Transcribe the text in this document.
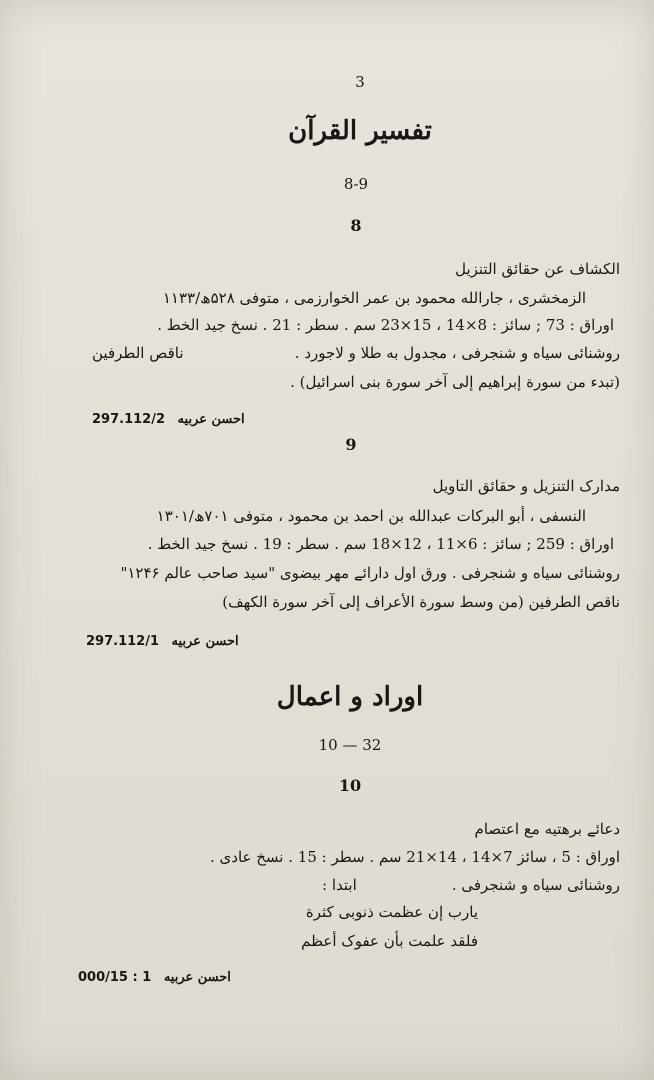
3
تفسیر القرآن
8-9
8
الکشاف عن حقائق التنزیل
الزمخشری ، جارالله محمود بن عمر الخوارزمی ، متوفی ۵۲۸ھ/۱۱۳۳
اوراق : 73 ; سائز : 8×14 ، 15×23 سم . سطر : 21 . نسخ جید الخط .
روشنائی سیاه و شنجرفی ، مجدول به طلا و لاجورد .
ناقص الطرفین
(تبدء من سورة إبراهیم إلی آخر سورة بنی اسرائیل) .
297.112/2 احسن عربیه
9
مدارک التنزیل و حقائق التاویل
النسفی ، أبو البرکات عبدالله بن احمد بن محمود ، متوفی ۷۰۱ھ/۱۳۰۱
اوراق : 259 ; سائز : 6×11 ، 12×18 سم . سطر : 19 . نسخ جید الخط .
روشنائی سیاه و شنجرفی . ورق اول دارائے مهر بیضوی "سید صاحب عالم ۱۲۴۶"
ناقص الطرفین (من وسط سورة الأعراف إلی آخر سورة الکهف)
297.112/1 احسن عربیه
اوراد و اعمال
10 — 32
10
دعائے برهتیه مع اعتصام
اوراق : 5 ، سائز 7×14 ، 14×21 سم . سطر : 15 . نسخ عادی .
روشنائی سیاه و شنجرفی .
ابتدا :
یارب إن عظمت ذنوبی کثرة
فلقد علمت بأن عفوک أعظم
000/15 : 1 احسن عربیه
